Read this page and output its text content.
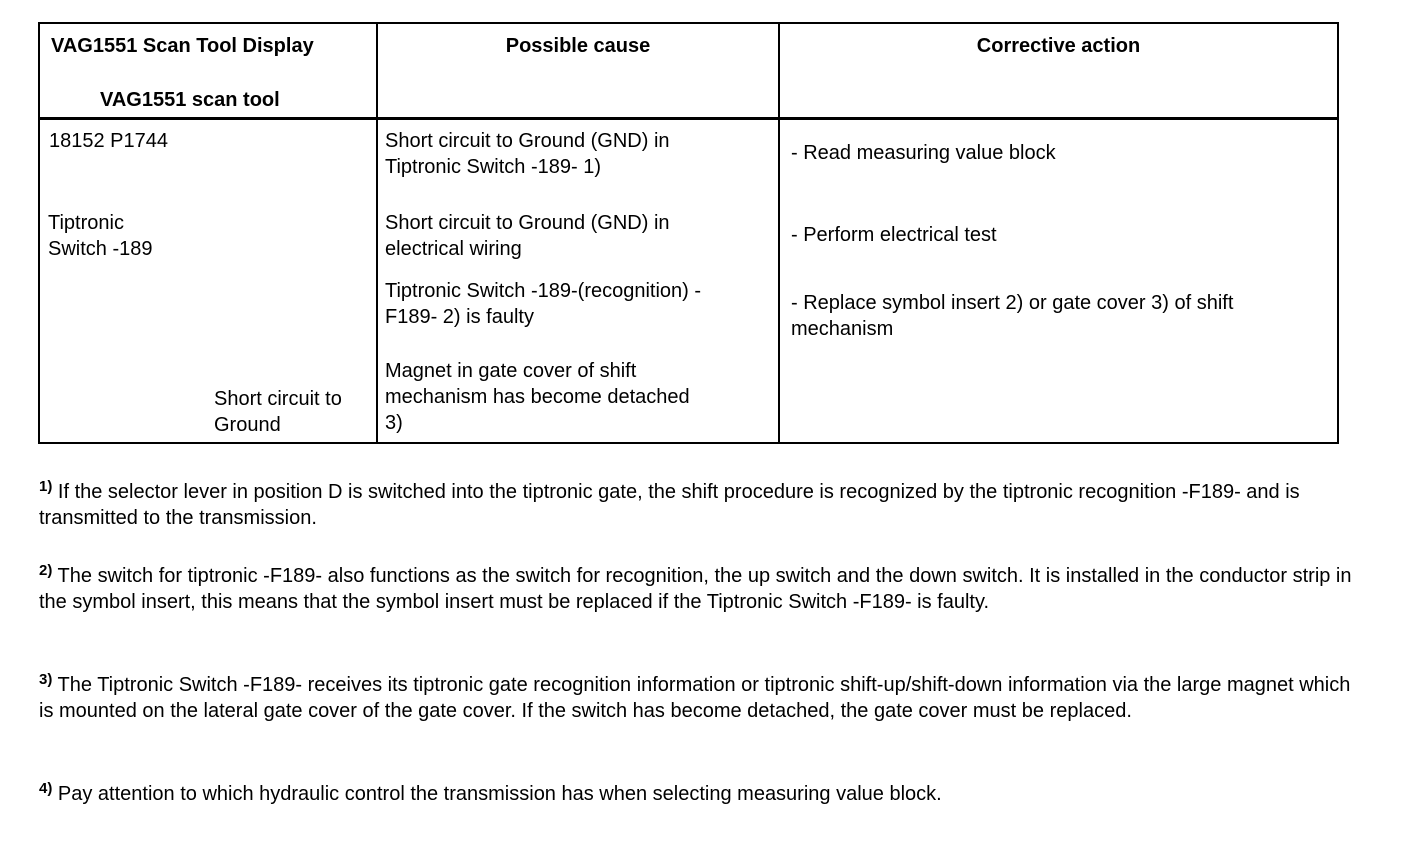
VAG1551 Scan Tool Display
VAG1551 scan tool
Possible cause	Corrective action
18152 P1744
Tiptronic
Switch -189
Short circuit to
Ground
Short circuit to Ground (GND) in
Tiptronic Switch -189- 1)
Short circuit to Ground (GND) in
electrical wiring
Tiptronic Switch -189-(recognition) -
F189- 2) is faulty
Magnet in gate cover of shift
mechanism has become detached
3)
- Read measuring value block
- Perform electrical test
- Replace symbol insert 2) or gate cover 3) of shift
mechanism
$^{1)}$ If the selector lever in position D is switched into the tiptronic gate, the shift procedure is recognized by the tiptronic recognition -F189- and is transmitted to the transmission.
$^{2)}$ The switch for tiptronic -F189- also functions as the switch for recognition, the up switch and the down switch. It is installed in the conductor strip in the symbol insert, this means that the symbol insert must be replaced if the Tiptronic Switch -F189- is faulty.
$^{3)}$ The Tiptronic Switch -F189- receives its tiptronic gate recognition information or tiptronic shift-up/shift-down information via the large magnet which is mounted on the lateral gate cover of the gate cover. If the switch has become detached, the gate cover must be replaced.
$^{4)}$ Pay attention to which hydraulic control the transmission has when selecting measuring value block.
